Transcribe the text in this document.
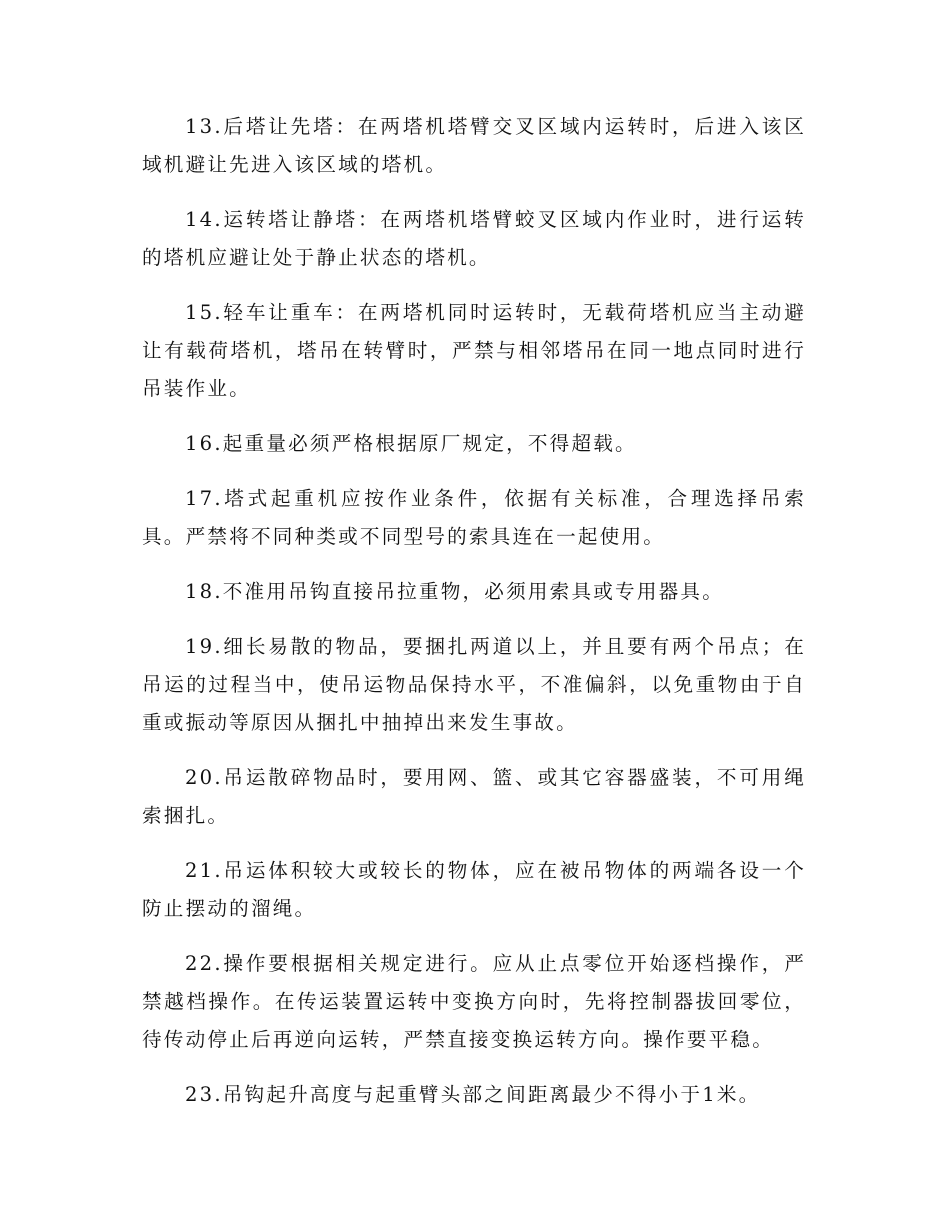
13.后塔让先塔：在两塔机塔臂交叉区域内运转时，后进入该区域机避让先进入该区域的塔机。

14.运转塔让静塔：在两塔机塔臂蛟叉区域内作业时，进行运转的塔机应避让处于静止状态的塔机。

15.轻车让重车：在两塔机同时运转时，无载荷塔机应当主动避让有载荷塔机，塔吊在转臂时，严禁与相邻塔吊在同一地点同时进行吊装作业。

16.起重量必须严格根据原厂规定，不得超载。

17.塔式起重机应按作业条件，依据有关标准，合理选择吊索具。严禁将不同种类或不同型号的索具连在一起使用。

18.不准用吊钩直接吊拉重物，必须用索具或专用器具。

19.细长易散的物品，要捆扎两道以上，并且要有两个吊点；在吊运的过程当中，使吊运物品保持水平，不准偏斜，以免重物由于自重或振动等原因从捆扎中抽掉出来发生事故。

20.吊运散碎物品时，要用网、篮、或其它容器盛装，不可用绳索捆扎。

21.吊运体积较大或较长的物体，应在被吊物体的两端各设一个防止摆动的溜绳。

22.操作要根据相关规定进行。应从止点零位开始逐档操作，严禁越档操作。在传运装置运转中变换方向时，先将控制器拔回零位，待传动停止后再逆向运转，严禁直接变换运转方向。操作要平稳。

23.吊钩起升高度与起重臂头部之间距离最少不得小于1米。
